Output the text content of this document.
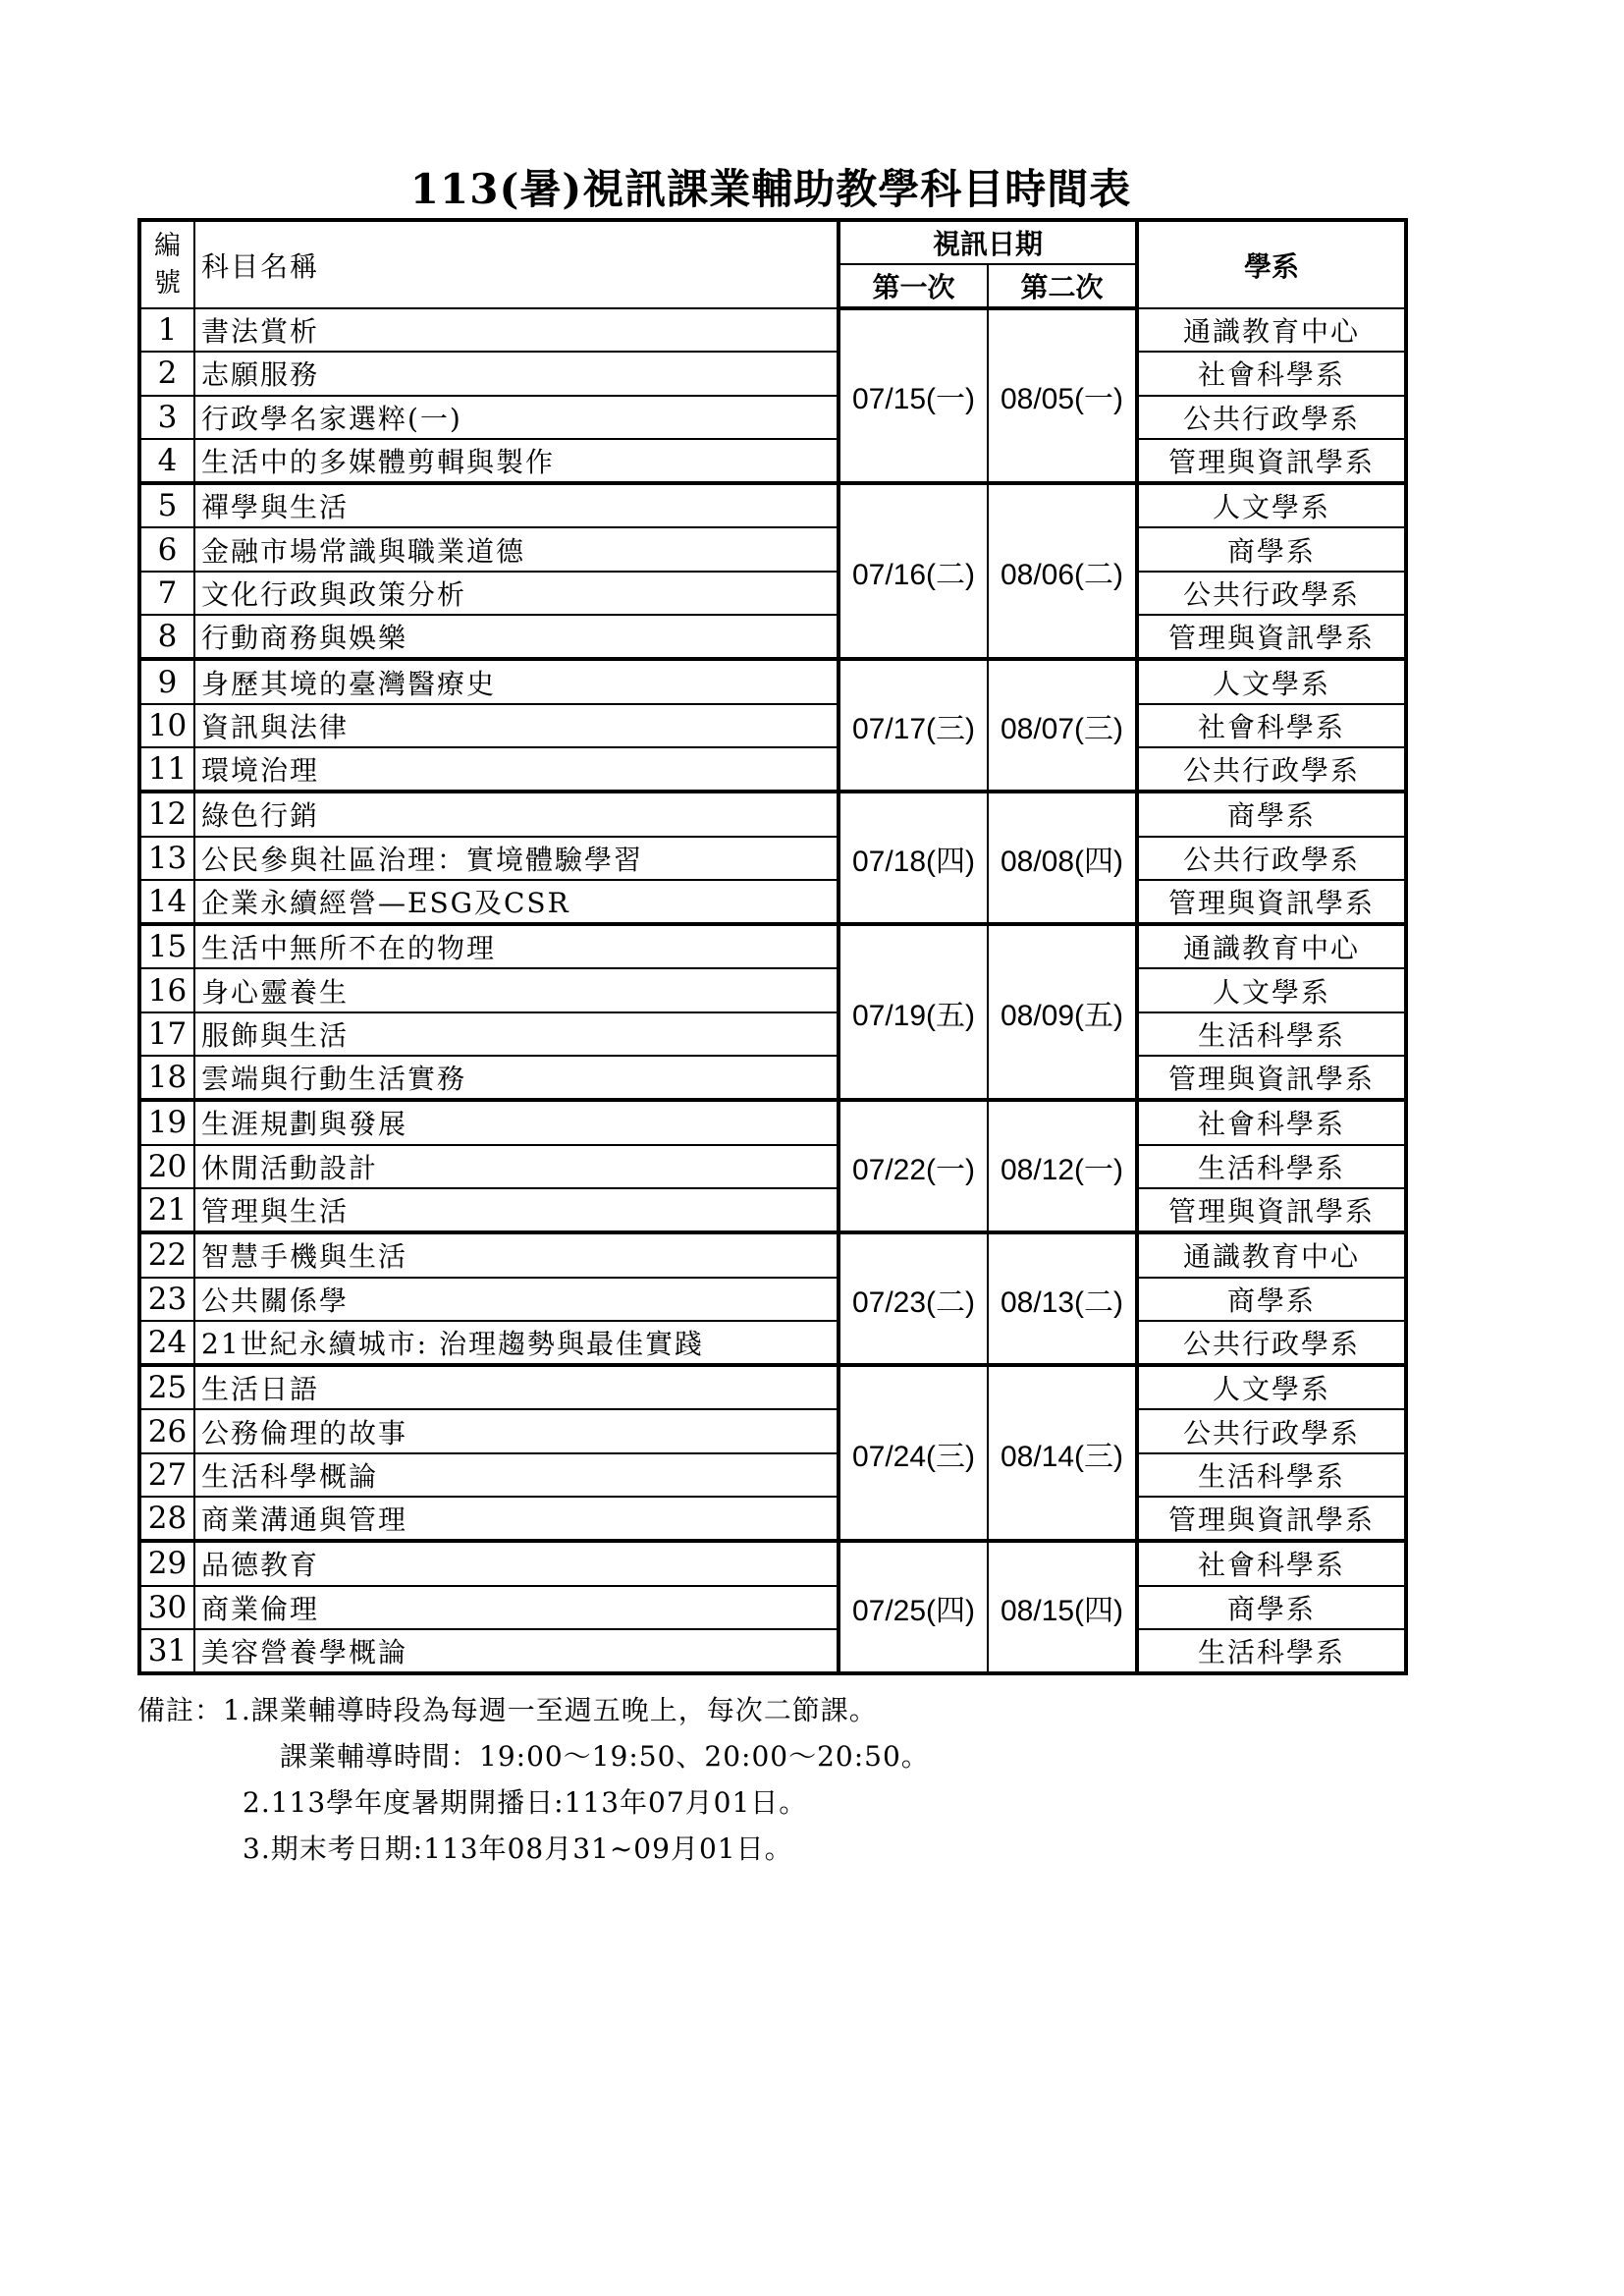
113(暑)視訊課業輔助教學科目時間表
編
號	科目名稱	視訊日期		學系
		第一次	第二次	
1	書法賞析	07/15(一)	08/05(一)	通識教育中心
2	志願服務			社會科學系
3	行政學名家選粹(一)			公共行政學系
4	生活中的多媒體剪輯與製作			管理與資訊學系
5	禪學與生活	07/16(二)	08/06(二)	人文學系
6	金融市場常識與職業道德			商學系
7	文化行政與政策分析			公共行政學系
8	行動商務與娛樂			管理與資訊學系
9	身歷其境的臺灣醫療史	07/17(三)	08/07(三)	人文學系
10	資訊與法律			社會科學系
11	環境治理			公共行政學系
12	綠色行銷	07/18(四)	08/08(四)	商學系
13	公民參與社區治理：實境體驗學習			公共行政學系
14	企業永續經營—ESG及CSR			管理與資訊學系
15	生活中無所不在的物理	07/19(五)	08/09(五)	通識教育中心
16	身心靈養生			人文學系
17	服飾與生活			生活科學系
18	雲端與行動生活實務			管理與資訊學系
19	生涯規劃與發展	07/22(一)	08/12(一)	社會科學系
20	休閒活動設計			生活科學系
21	管理與生活			管理與資訊學系
22	智慧手機與生活	07/23(二)	08/13(二)	通識教育中心
23	公共關係學			商學系
24	21世紀永續城市: 治理趨勢與最佳實踐			公共行政學系
25	生活日語	07/24(三)	08/14(三)	人文學系
26	公務倫理的故事			公共行政學系
27	生活科學概論			生活科學系
28	商業溝通與管理			管理與資訊學系
29	品德教育	07/25(四)	08/15(四)	社會科學系
30	商業倫理			商學系
31	美容營養學概論			生活科學系
備註：1.課業輔導時段為每週一至週五晚上，每次二節課。
課業輔導時間：19:00～19:50、20:00～20:50。
2.113學年度暑期開播日:113年07月01日。
3.期末考日期:113年08月31~09月01日。
